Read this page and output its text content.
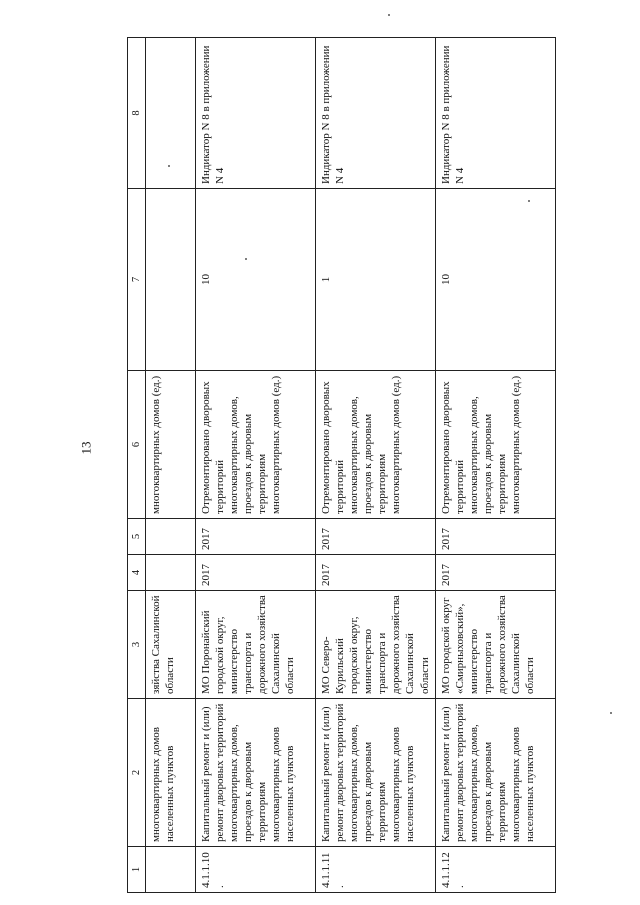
13
1	2	3	4	5	6	7	8
	многоквартирных домов населенных пунктов	зяйства Сахалинской области			многоквартирных домов (ед.)		
4.1.1.10.	Капитальный ремонт и (или) ремонт дворовых территорий многоквартирных домов, проездов к дворовым территориям многоквартирных домов населенных пунктов	МО Поронайский городской округ, министерство транспорта и дорожного хозяйства Сахалинской области	2017	2017	Отремонтировано дворовых территорий многоквартирных домов, проездов к дворовым территориям многоквартирных домов (ед.)	10	Индикатор N 8 в приложении N 4
4.1.1.11.	Капитальный ремонт и (или) ремонт дворовых территорий многоквартирных домов, проездов к дворовым территориям многоквартирных домов населенных пунктов	МО Северо-Курильский городской округ, министерство транспорта и дорожного хозяйства Сахалинской области	2017	2017	Отремонтировано дворовых территорий многоквартирных домов, проездов к дворовым территориям многоквартирных домов (ед.)	1	Индикатор N 8 в приложении N 4
4.1.1.12.	Капитальный ремонт и (или) ремонт дворовых территорий многоквартирных домов, проездов к дворовым территориям многоквартирных домов населенных пунктов	МО городской округ «Смирныховский», министерство транспорта и дорожного хозяйства Сахалинской области	2017	2017	Отремонтировано дворовых территорий многоквартирных домов, проездов к дворовым территориям многоквартирных домов (ед.)	10	Индикатор N 8 в приложении N 4
